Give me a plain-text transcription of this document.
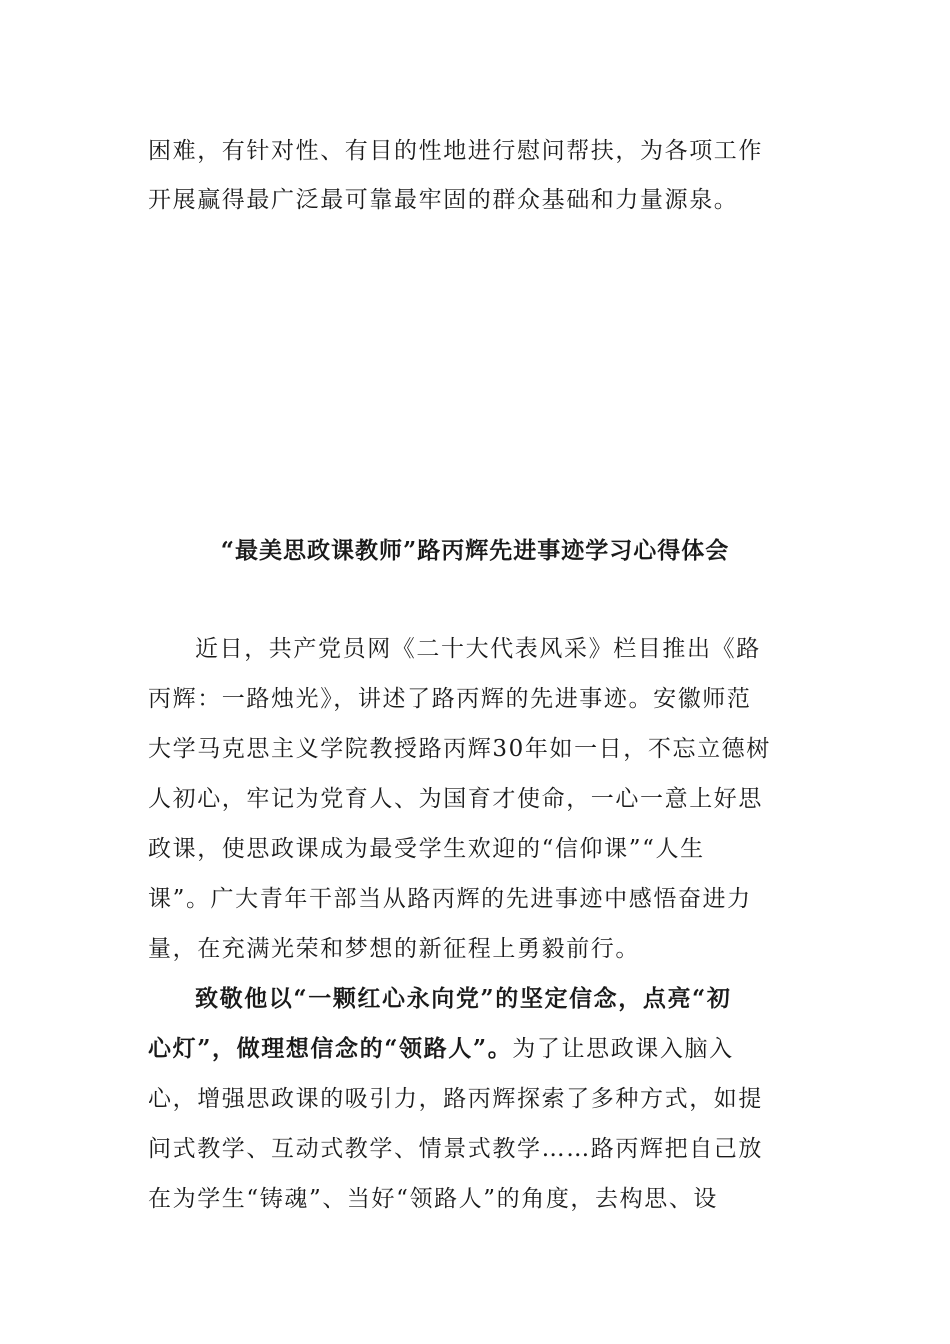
困难，有针对性、有目的性地进行慰问帮扶，为各项工作
开展赢得最广泛最可靠最牢固的群众基础和力量源泉。
“最美思政课教师”路丙辉先进事迹学习心得体会
近日，共产党员网《二十大代表风采》栏目推出《路
丙辉：一路烛光》，讲述了路丙辉的先进事迹。安徽师范
大学马克思主义学院教授路丙辉30年如一日，不忘立德树
人初心，牢记为党育人、为国育才使命，一心一意上好思
政课，使思政课成为最受学生欢迎的“信仰课”“人生
课”。广大青年干部当从路丙辉的先进事迹中感悟奋进力
量，在充满光荣和梦想的新征程上勇毅前行。
致敬他以“一颗红心永向党”的坚定信念，点亮“初
心灯”，做理想信念的“领路人”。为了让思政课入脑入
心，增强思政课的吸引力，路丙辉探索了多种方式，如提
问式教学、互动式教学、情景式教学……路丙辉把自己放
在为学生“铸魂”、当好“领路人”的角度，去构思、设
